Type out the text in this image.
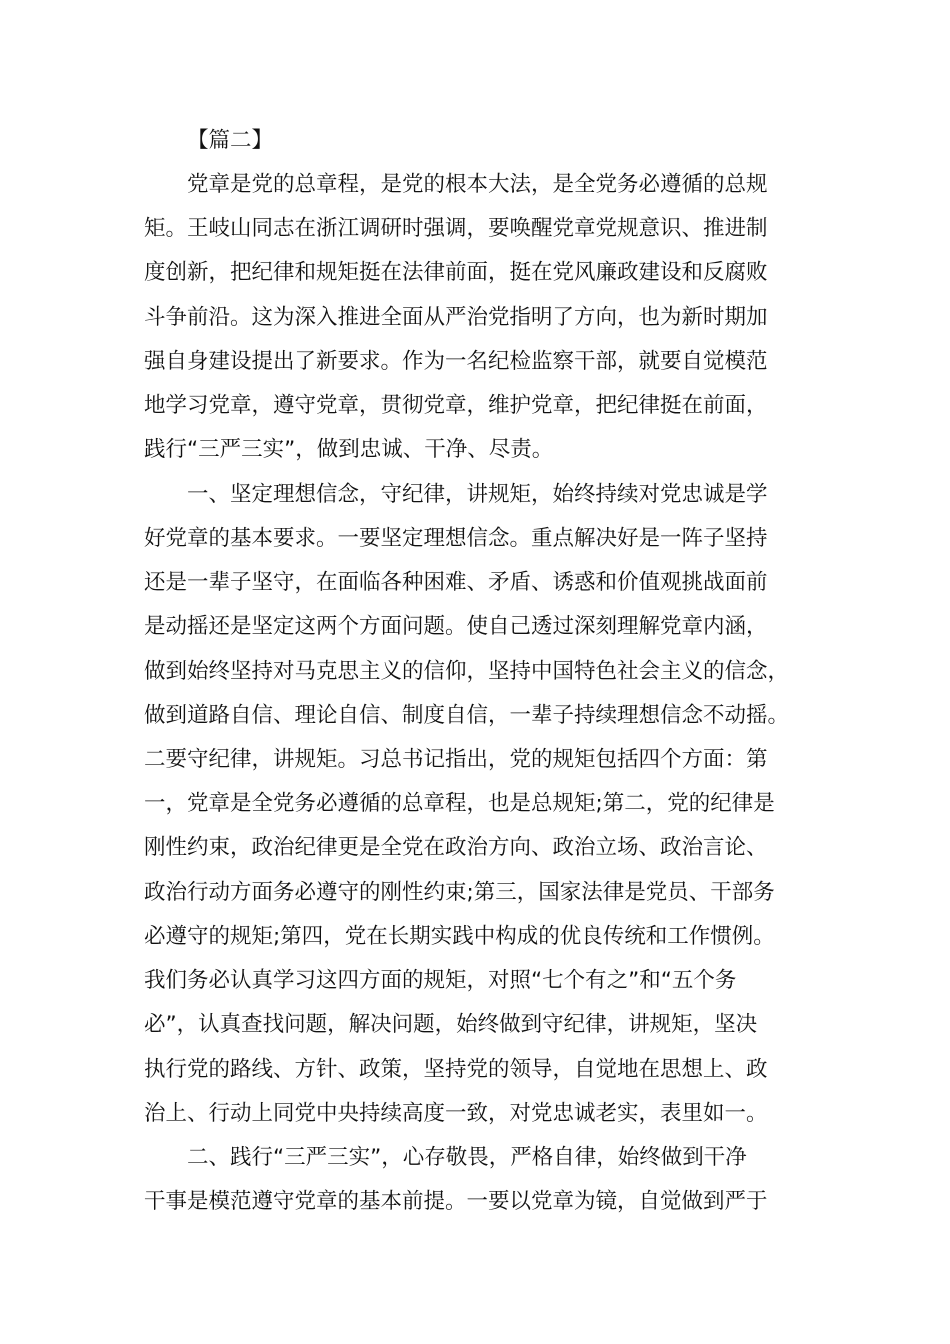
【篇二】
党章是党的总章程，是党的根本大法，是全党务必遵循的总规
矩。王岐山同志在浙江调研时强调，要唤醒党章党规意识、推进制
度创新，把纪律和规矩挺在法律前面，挺在党风廉政建设和反腐败
斗争前沿。这为深入推进全面从严治党指明了方向，也为新时期加
强自身建设提出了新要求。作为一名纪检监察干部，就要自觉模范
地学习党章，遵守党章，贯彻党章，维护党章，把纪律挺在前面，
践行“三严三实”，做到忠诚、干净、尽责。
一、坚定理想信念，守纪律，讲规矩，始终持续对党忠诚是学
好党章的基本要求。一要坚定理想信念。重点解决好是一阵子坚持
还是一辈子坚守，在面临各种困难、矛盾、诱惑和价值观挑战面前
是动摇还是坚定这两个方面问题。使自己透过深刻理解党章内涵，
做到始终坚持对马克思主义的信仰，坚持中国特色社会主义的信念，
做到道路自信、理论自信、制度自信，一辈子持续理想信念不动摇。
二要守纪律，讲规矩。习总书记指出，党的规矩包括四个方面：第
一，党章是全党务必遵循的总章程，也是总规矩;第二，党的纪律是
刚性约束，政治纪律更是全党在政治方向、政治立场、政治言论、
政治行动方面务必遵守的刚性约束;第三，国家法律是党员、干部务
必遵守的规矩;第四，党在长期实践中构成的优良传统和工作惯例。
我们务必认真学习这四方面的规矩，对照“七个有之”和“五个务
必”，认真查找问题，解决问题，始终做到守纪律，讲规矩，坚决
执行党的路线、方针、政策，坚持党的领导，自觉地在思想上、政
治上、行动上同党中央持续高度一致，对党忠诚老实，表里如一。
二、践行“三严三实”，心存敬畏，严格自律，始终做到干净
干事是模范遵守党章的基本前提。一要以党章为镜，自觉做到严于
